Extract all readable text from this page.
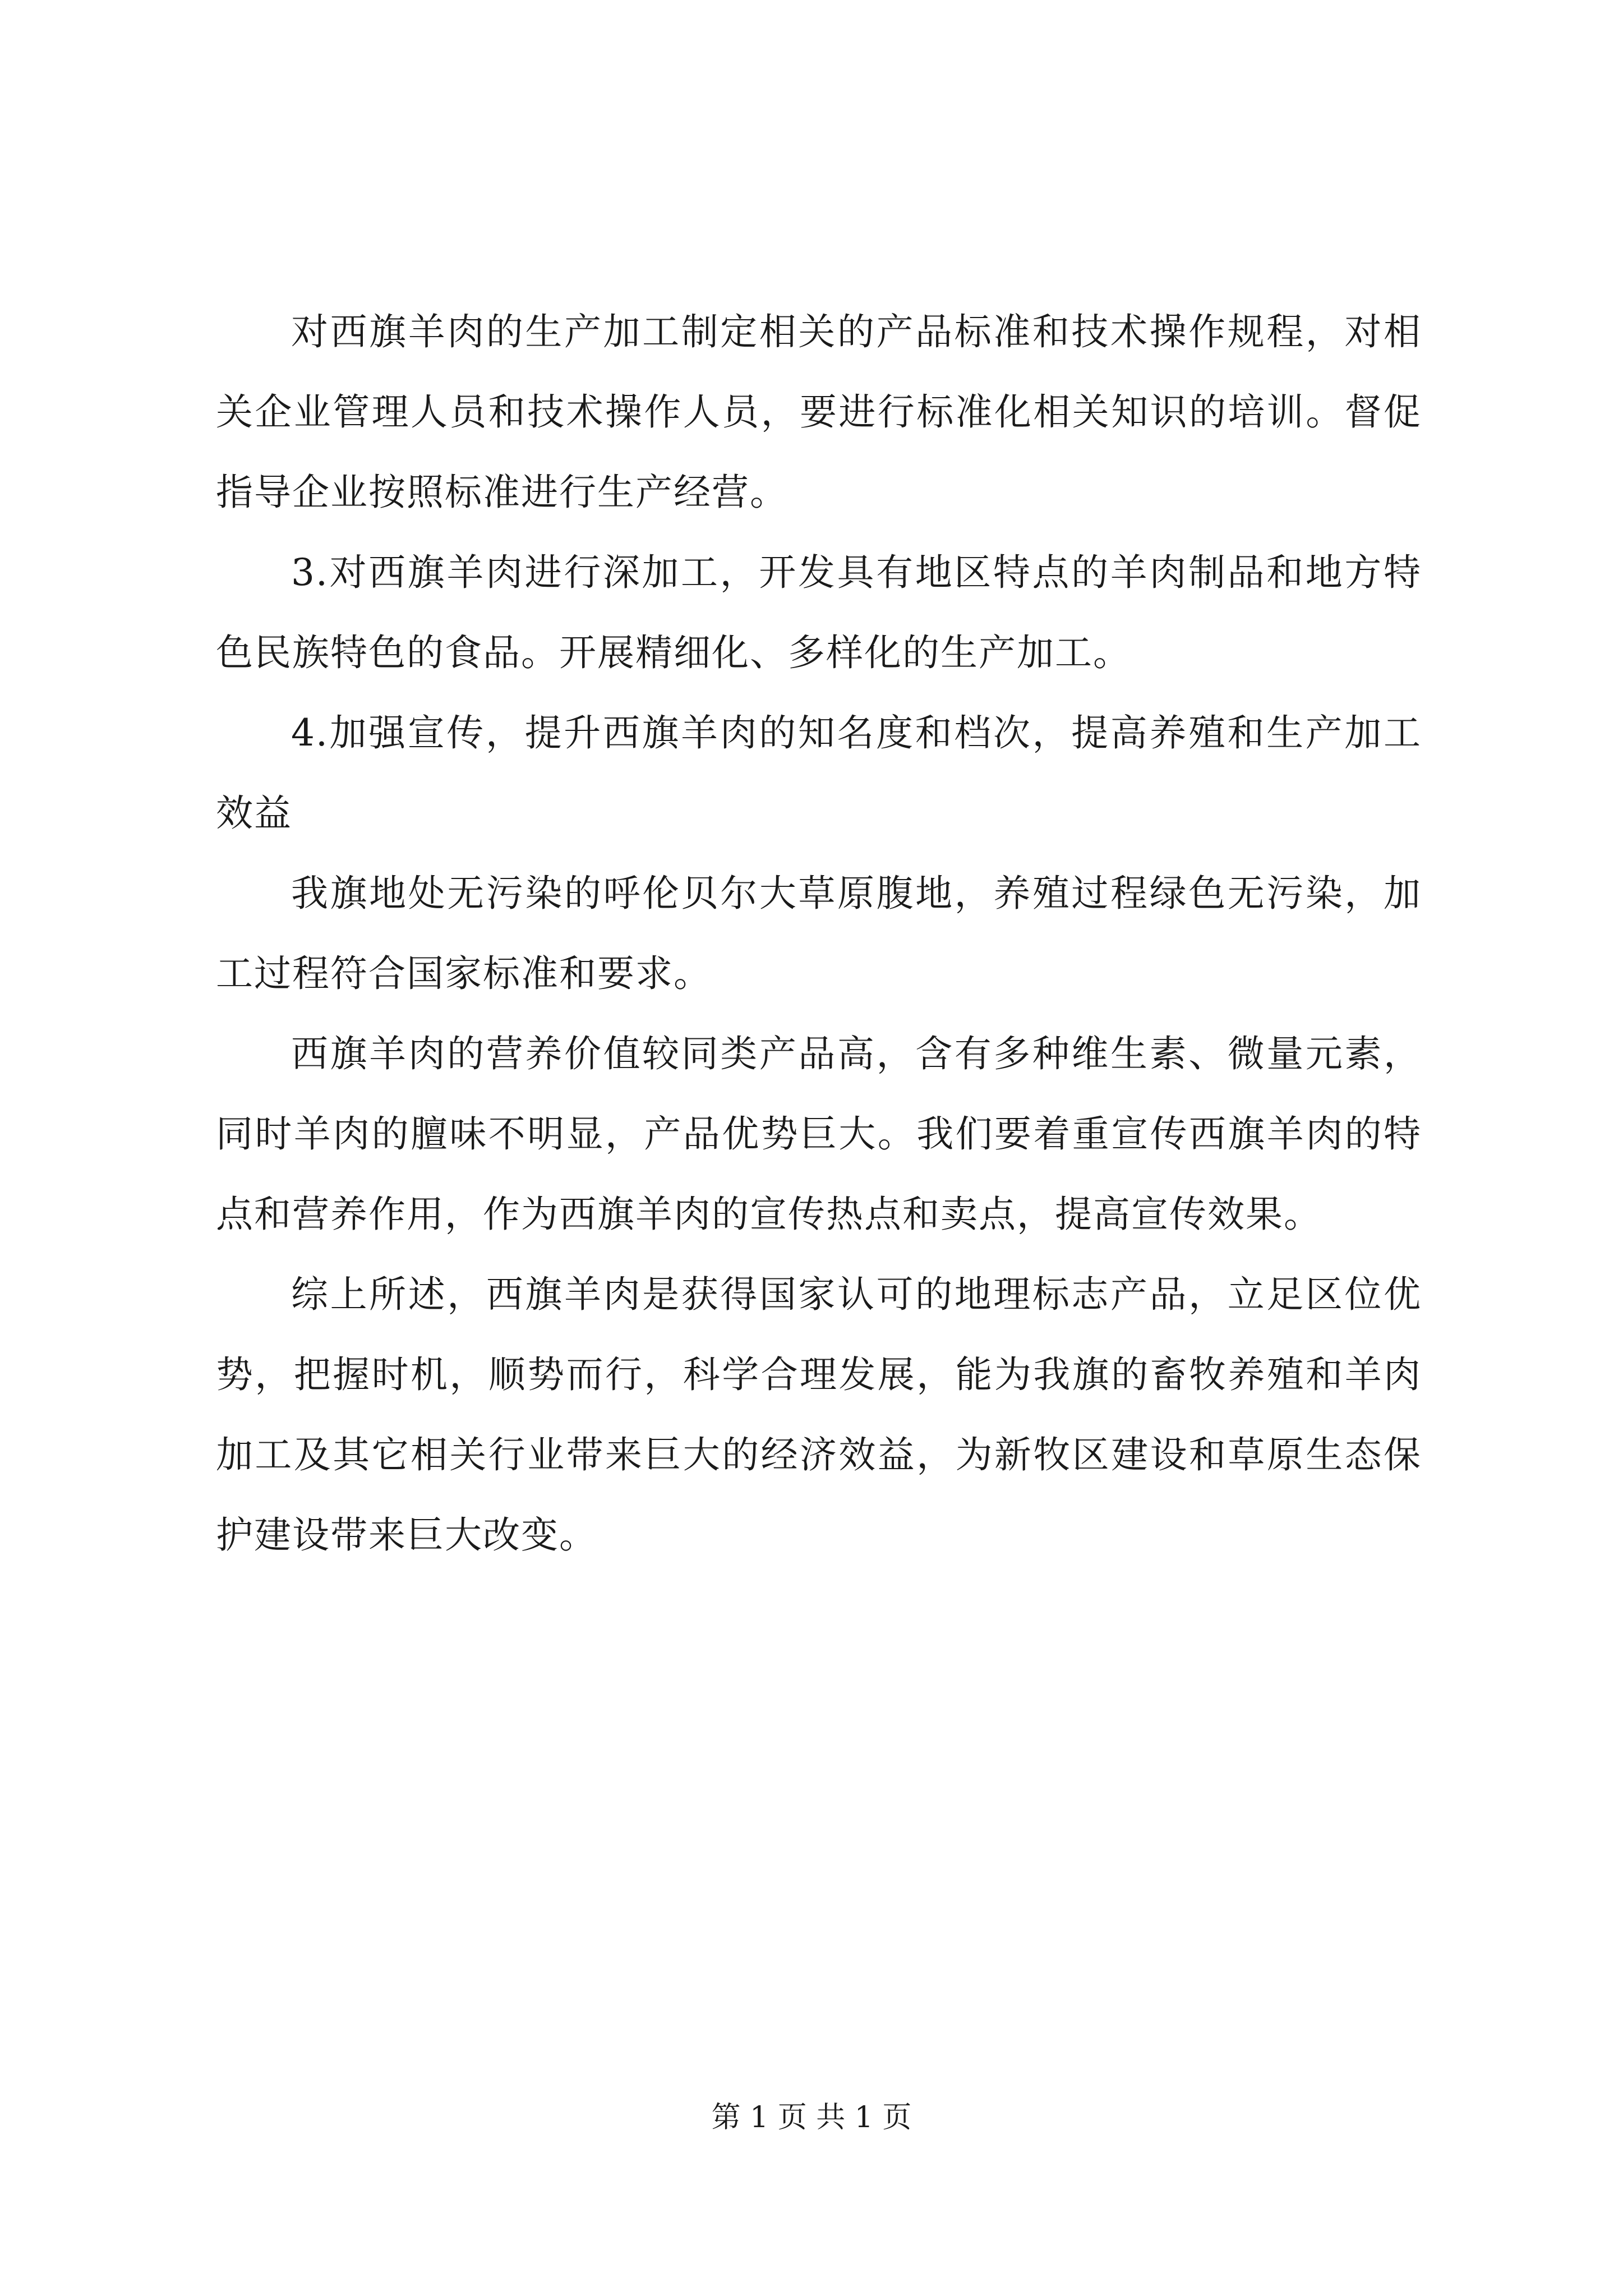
对西旗羊肉的生产加工制定相关的产品标准和技术操作规程，对相关企业管理人员和技术操作人员，要进行标准化相关知识的培训。督促指导企业按照标准进行生产经营。

3.对西旗羊肉进行深加工，开发具有地区特点的羊肉制品和地方特色民族特色的食品。开展精细化、多样化的生产加工。

4.加强宣传，提升西旗羊肉的知名度和档次，提高养殖和生产加工效益

我旗地处无污染的呼伦贝尔大草原腹地，养殖过程绿色无污染，加工过程符合国家标准和要求。

西旗羊肉的营养价值较同类产品高，含有多种维生素、微量元素，同时羊肉的膻味不明显，产品优势巨大。我们要着重宣传西旗羊肉的特点和营养作用，作为西旗羊肉的宣传热点和卖点，提高宣传效果。

综上所述，西旗羊肉是获得国家认可的地理标志产品，立足区位优势，把握时机，顺势而行，科学合理发展，能为我旗的畜牧养殖和羊肉加工及其它相关行业带来巨大的经济效益，为新牧区建设和草原生态保护建设带来巨大改变。

第 1 页 共 1 页
